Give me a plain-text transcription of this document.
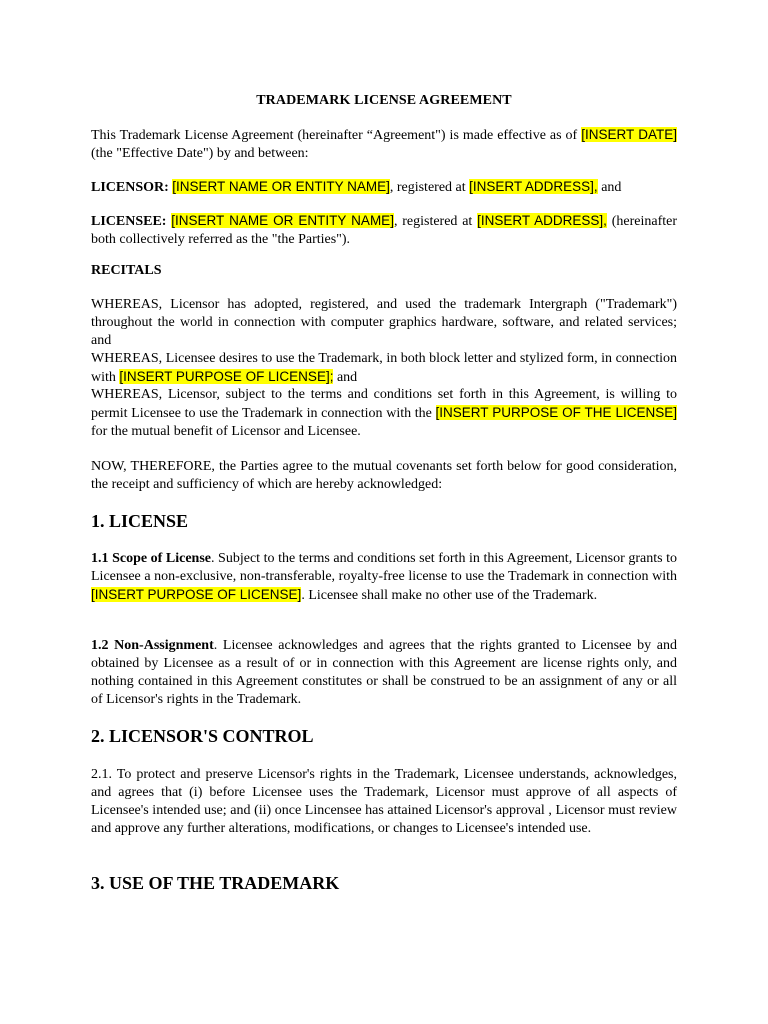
TRADEMARK LICENSE AGREEMENT
This Trademark License Agreement (hereinafter “Agreement") is made effective as of [INSERT DATE] (the "Effective Date") by and between:
LICENSOR: [INSERT NAME OR ENTITY NAME], registered at [INSERT ADDRESS], and
LICENSEE: [INSERT NAME OR ENTITY NAME], registered at [INSERT ADDRESS], (hereinafter both collectively referred as the "the Parties").
RECITALS
WHEREAS, Licensor has adopted, registered, and used the trademark Intergraph ("Trademark") throughout the world in connection with computer graphics hardware, software, and related services; and
WHEREAS, Licensee desires to use the Trademark, in both block letter and stylized form, in connection with [INSERT PURPOSE OF LICENSE]; and
WHEREAS, Licensor, subject to the terms and conditions set forth in this Agreement, is willing to permit Licensee to use the Trademark in connection with the [INSERT PURPOSE OF THE LICENSE] for the mutual benefit of Licensor and Licensee.
NOW, THEREFORE, the Parties agree to the mutual covenants set forth below for good consideration, the receipt and sufficiency of which are hereby acknowledged:
1. LICENSE
1.1 Scope of License. Subject to the terms and conditions set forth in this Agreement, Licensor grants to Licensee a non-exclusive, non-transferable, royalty-free license to use the Trademark in connection with [INSERT PURPOSE OF LICENSE]. Licensee shall make no other use of the Trademark.
1.2 Non-Assignment. Licensee acknowledges and agrees that the rights granted to Licensee by and obtained by Licensee as a result of or in connection with this Agreement are license rights only, and nothing contained in this Agreement constitutes or shall be construed to be an assignment of any or all of Licensor's rights in the Trademark.
2. LICENSOR'S CONTROL
2.1. To protect and preserve Licensor's rights in the Trademark, Licensee understands, acknowledges, and agrees that (i) before Licensee uses the Trademark, Licensor must approve of all aspects of Licensee's intended use; and (ii) once Lincensee has attained Licensor's approval , Licensor must review and approve any further alterations, modifications, or changes to Licensee's intended use.
3. USE OF THE TRADEMARK
